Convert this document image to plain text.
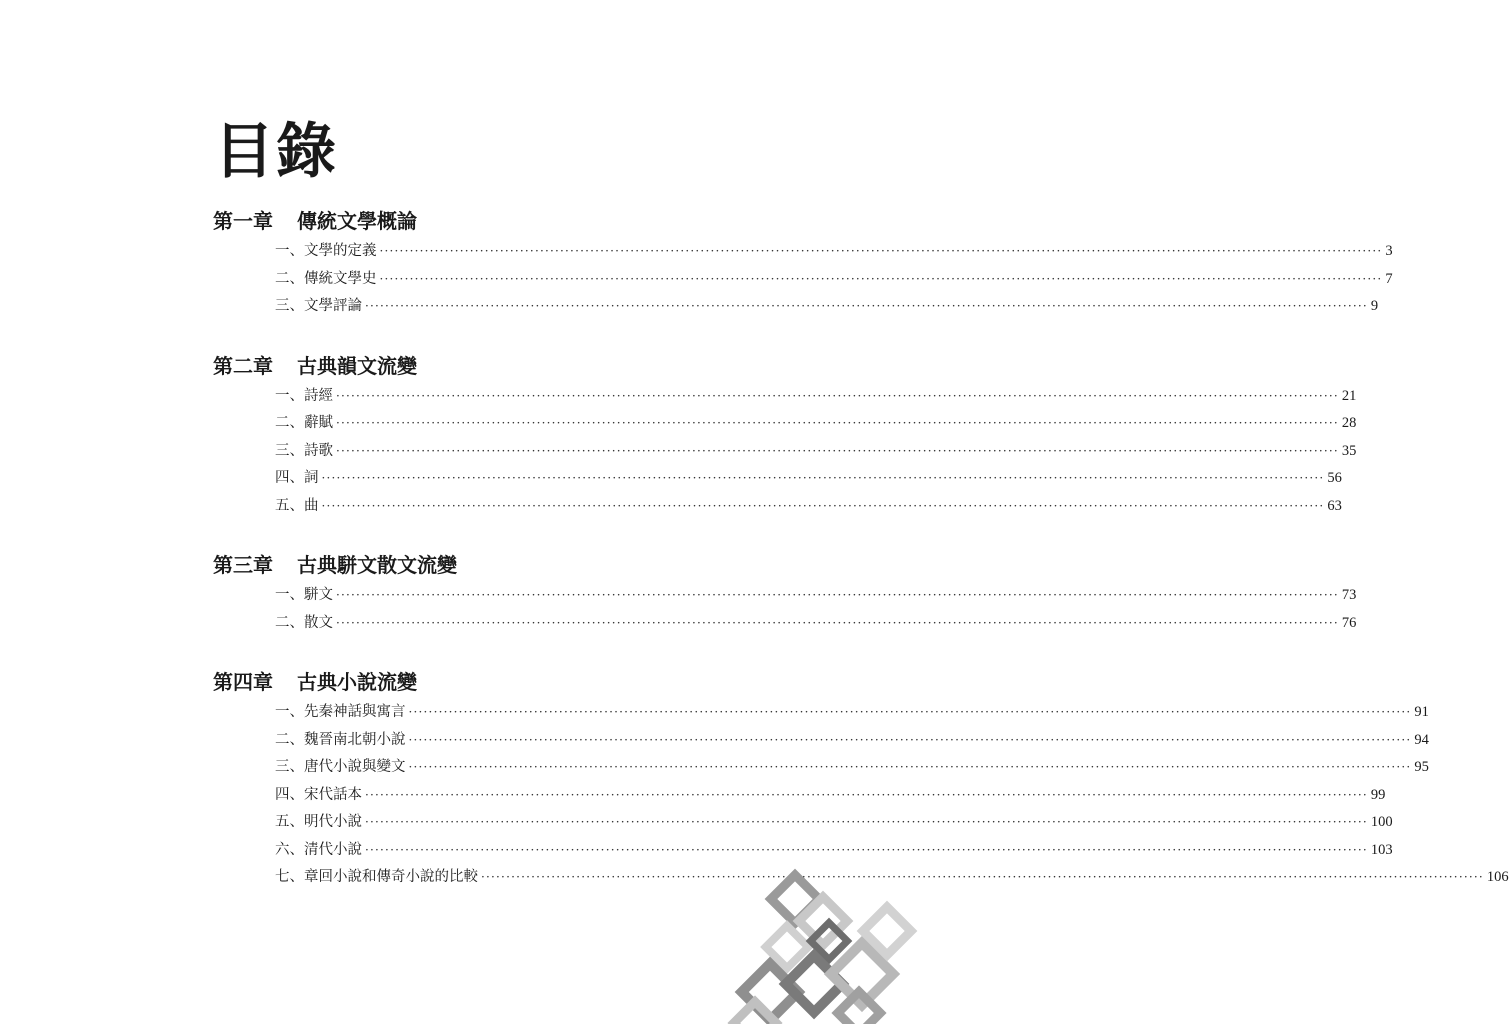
目錄
第一章	傳統文學概論
一、文學的定義 ········································································································································································································ 3
二、傳統文學史 ········································································································································································································ 7
三、文學評論 ········································································································································································································ 9
第二章	古典韻文流變
一、詩經 ········································································································································································································ 21
二、辭賦 ········································································································································································································ 28
三、詩歌 ········································································································································································································ 35
四、詞 ········································································································································································································ 56
五、曲 ········································································································································································································ 63
第三章	古典駢文散文流變
一、駢文 ········································································································································································································ 73
二、散文 ········································································································································································································ 76
第四章	古典小說流變
一、先秦神話與寓言 ········································································································································································································ 91
二、魏晉南北朝小說 ········································································································································································································ 94
三、唐代小說與變文 ········································································································································································································ 95
四、宋代話本 ········································································································································································································ 99
五、明代小說 ········································································································································································································ 100
六、清代小說 ········································································································································································································ 103
七、章回小說和傳奇小說的比較 ········································································································································································································ 106
